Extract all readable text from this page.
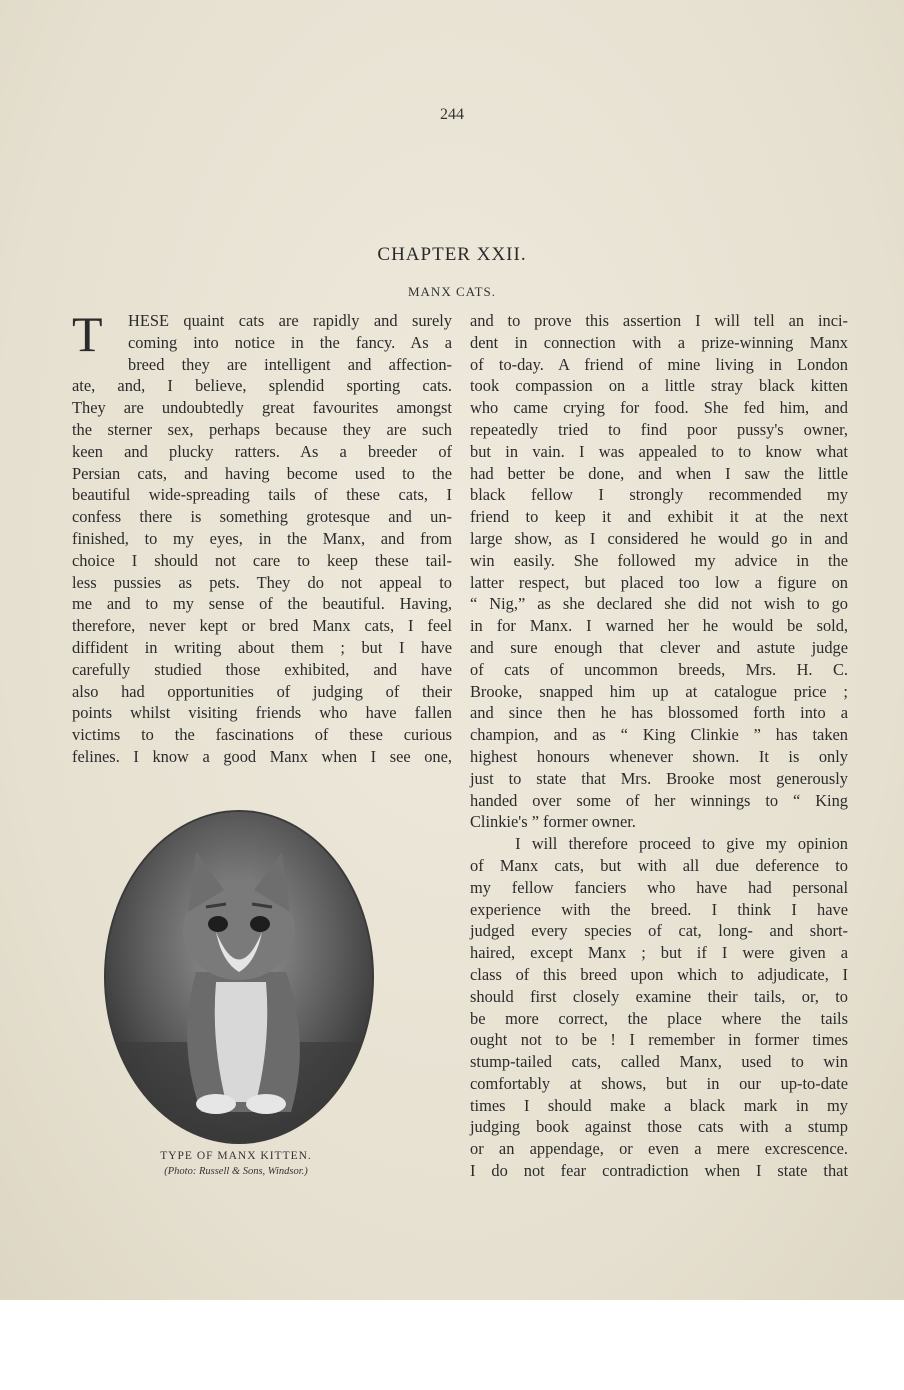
244
CHAPTER XXII.
MANX CATS.
T	HESE quaint cats are rapidly and surely
coming into notice in the fancy. As a
breed they are intelligent and affection-
ate, and, I believe, splendid sporting cats.
They are undoubtedly great favourites amongst
the sterner sex, perhaps because they are such
keen and plucky ratters. As a breeder of
Persian cats, and having become used to the
beautiful wide-spreading tails of these cats, I
confess there is something grotesque and un-
finished, to my eyes, in the Manx, and from
choice I should not care to keep these tail-
less pussies as pets. They do not appeal to
me and to my sense of the beautiful. Having,
therefore, never kept or bred Manx cats, I feel
diffident in writing about them ; but I have
carefully studied those exhibited, and have
also had opportunities of judging of their
points whilst visiting friends who have fallen
victims to the fascinations of these curious
felines. I know a good Manx when I see one,
and to prove this assertion I will tell an inci-
dent in connection with a prize-winning Manx
of to-day. A friend of mine living in London
took compassion on a little stray black kitten
who came crying for food. She fed him, and
repeatedly tried to find poor pussy's owner,
but in vain. I was appealed to to know what
had better be done, and when I saw the little
black fellow I strongly recommended my
friend to keep it and exhibit it at the next
large show, as I considered he would go in and
win easily. She followed my advice in the
latter respect, but placed too low a figure on
“ Nig,” as she declared she did not wish to go
in for Manx. I warned her he would be sold,
and sure enough that clever and astute judge
of cats of uncommon breeds, Mrs. H. C.
Brooke, snapped him up at catalogue price ;
and since then he has blossomed forth into a
champion, and as “ King Clinkie ” has taken
highest honours whenever shown. It is only
just to state that Mrs. Brooke most generously
handed over some of her winnings to “ King
Clinkie's ” former owner.
I will therefore proceed to give my opinion
of Manx cats, but with all due deference to
my fellow fanciers who have had personal
experience with the breed. I think I have
judged every species of cat, long- and short-
haired, except Manx ; but if I were given a
class of this breed upon which to adjudicate, I
should first closely examine their tails, or, to
be more correct, the place where the tails
ought not to be ! I remember in former times
stump-tailed cats, called Manx, used to win
comfortably at shows, but in our up-to-date
times I should make a black mark in my
judging book against those cats with a stump
or an appendage, or even a mere excrescence.
I do not fear contradiction when I state that
TYPE OF MANX KITTEN.
(Photo: Russell & Sons, Windsor.)
